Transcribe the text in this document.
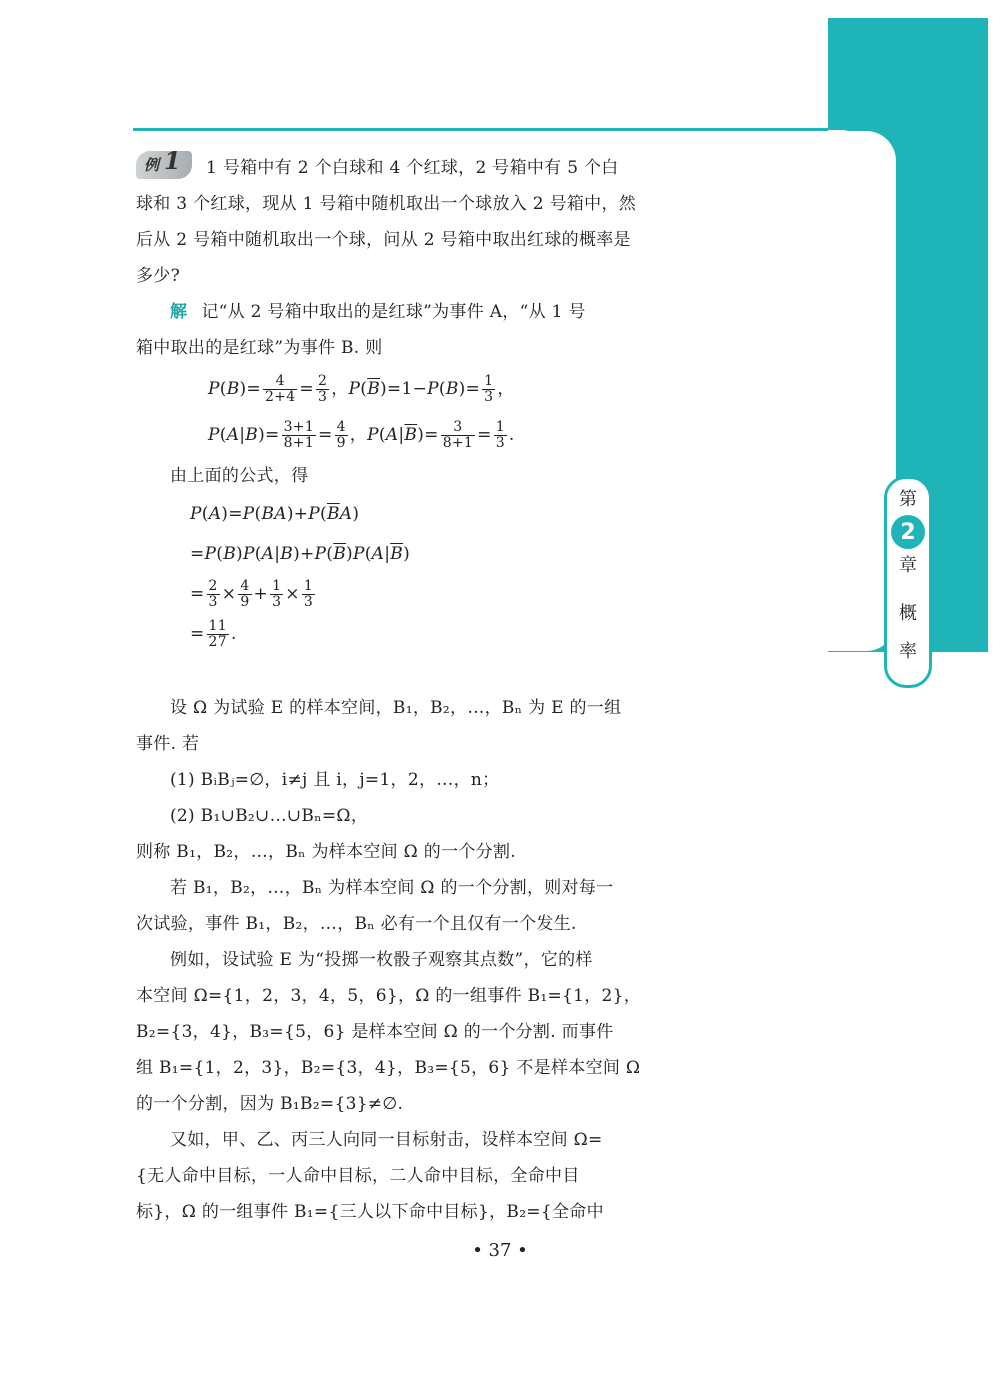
第
2
章
概
率

例 1 1 号箱中有 2 个白球和 4 个红球，2 号箱中有 5 个白

球和 3 个红球，现从 1 号箱中随机取出一个球放入 2 号箱中，然

后从 2 号箱中随机取出一个球，问从 2 号箱中取出红球的概率是

多少?

解 记“从 2 号箱中取出的是红球”为事件 A，“从 1 号

箱中取出的是红球”为事件 B. 则

$P(B)= \frac{4}{2+4} = \frac{2}{3}$ ，$P(\overline{B})=1-P(B)= \frac{1}{3}$ ，

$P(A|B)= \frac{3+1}{8+1} = \frac{4}{9}$ ，$P(A|\overline{B})= \frac{3}{8+1} = \frac{1}{3}$ .

由上面的公式，得

$P(A)=P(BA)+P(\overline{B}A)$

$=P(B)P(A|B)+P(\overline{B})P(A|\overline{B})$

= $\frac{2}{3} \times \frac{4}{9} + \frac{1}{3} \times \frac{1}{3}$

= $\frac{11}{27}$ .

设 Ω 为试验 E 的样本空间，B₁，B₂，…，Bₙ 为 E 的一组

事件. 若

(1) BᵢBⱼ=∅，i≠j 且 i，j=1，2，…，n；

(2) B₁∪B₂∪…∪Bₙ=Ω，

则称 B₁，B₂，…，Bₙ 为样本空间 Ω 的一个分割.

若 B₁，B₂，…，Bₙ 为样本空间 Ω 的一个分割，则对每一

次试验，事件 B₁，B₂，…，Bₙ 必有一个且仅有一个发生.

例如，设试验 E 为“投掷一枚骰子观察其点数”，它的样

本空间 Ω={1，2，3，4，5，6}，Ω 的一组事件 B₁={1，2}，

B₂={3，4}，B₃={5，6} 是样本空间 Ω 的一个分割. 而事件

组 B₁={1，2，3}，B₂={3，4}，B₃={5，6} 不是样本空间 Ω

的一个分割，因为 B₁B₂={3}≠∅.

又如，甲、乙、丙三人向同一目标射击，设样本空间 Ω=

{无人命中目标，一人命中目标，二人命中目标，全命中目

标}，Ω 的一组事件 B₁={三人以下命中目标}，B₂={全命中

• 37 •
